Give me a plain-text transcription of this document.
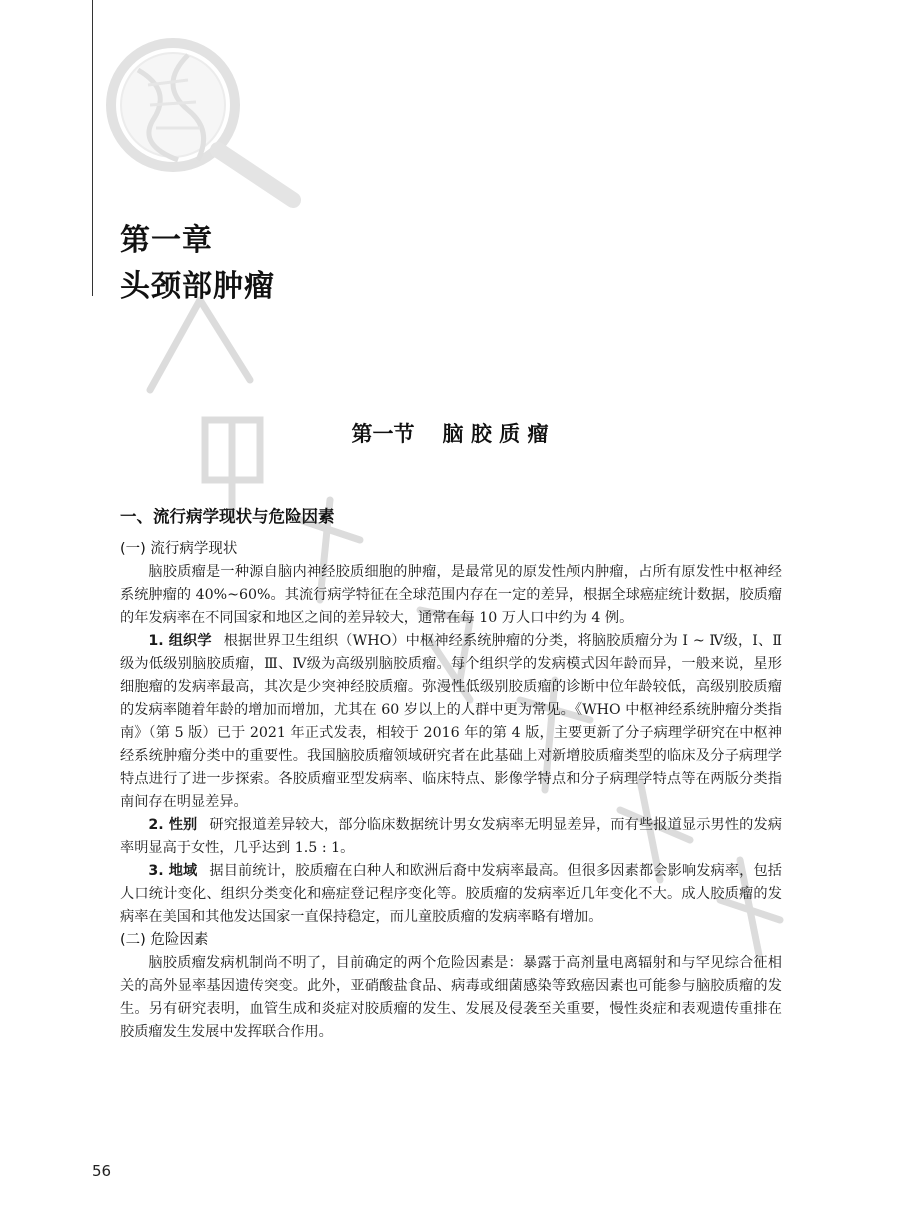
第一章
头颈部肿瘤
第一节 脑 胶 质 瘤
一、流行病学现状与危险因素
(一) 流行病学现状

脑胶质瘤是一种源自脑内神经胶质细胞的肿瘤，是最常见的原发性颅内肿瘤，占所有原发性中枢神经系统肿瘤的 40%~60%。其流行病学特征在全球范围内存在一定的差异，根据全球癌症统计数据，胶质瘤的年发病率在不同国家和地区之间的差异较大，通常在每 10 万人口中约为 4 例。

1. 组织学 根据世界卫生组织（WHO）中枢神经系统肿瘤的分类，将脑胶质瘤分为 Ⅰ ~ Ⅳ级，Ⅰ、Ⅱ级为低级别脑胶质瘤，Ⅲ、Ⅳ级为高级别脑胶质瘤。每个组织学的发病模式因年龄而异，一般来说，星形细胞瘤的发病率最高，其次是少突神经胶质瘤。弥漫性低级别胶质瘤的诊断中位年龄较低，高级别胶质瘤的发病率随着年龄的增加而增加，尤其在 60 岁以上的人群中更为常见。《WHO 中枢神经系统肿瘤分类指南》（第 5 版）已于 2021 年正式发表，相较于 2016 年的第 4 版，主要更新了分子病理学研究在中枢神经系统肿瘤分类中的重要性。我国脑胶质瘤领域研究者在此基础上对新增胶质瘤类型的临床及分子病理学特点进行了进一步探索。各胶质瘤亚型发病率、临床特点、影像学特点和分子病理学特点等在两版分类指南间存在明显差异。

2. 性别 研究报道差异较大，部分临床数据统计男女发病率无明显差异，而有些报道显示男性的发病率明显高于女性，几乎达到 1.5 : 1。

3. 地域 据目前统计，胶质瘤在白种人和欧洲后裔中发病率最高。但很多因素都会影响发病率，包括人口统计变化、组织分类变化和癌症登记程序变化等。胶质瘤的发病率近几年变化不大。成人胶质瘤的发病率在美国和其他发达国家一直保持稳定，而儿童胶质瘤的发病率略有增加。

(二) 危险因素

脑胶质瘤发病机制尚不明了，目前确定的两个危险因素是：暴露于高剂量电离辐射和与罕见综合征相关的高外显率基因遗传突变。此外，亚硝酸盐食品、病毒或细菌感染等致癌因素也可能参与脑胶质瘤的发生。另有研究表明，血管生成和炎症对胶质瘤的发生、发展及侵袭至关重要，慢性炎症和表观遗传重排在胶质瘤发生发展中发挥联合作用。

56
